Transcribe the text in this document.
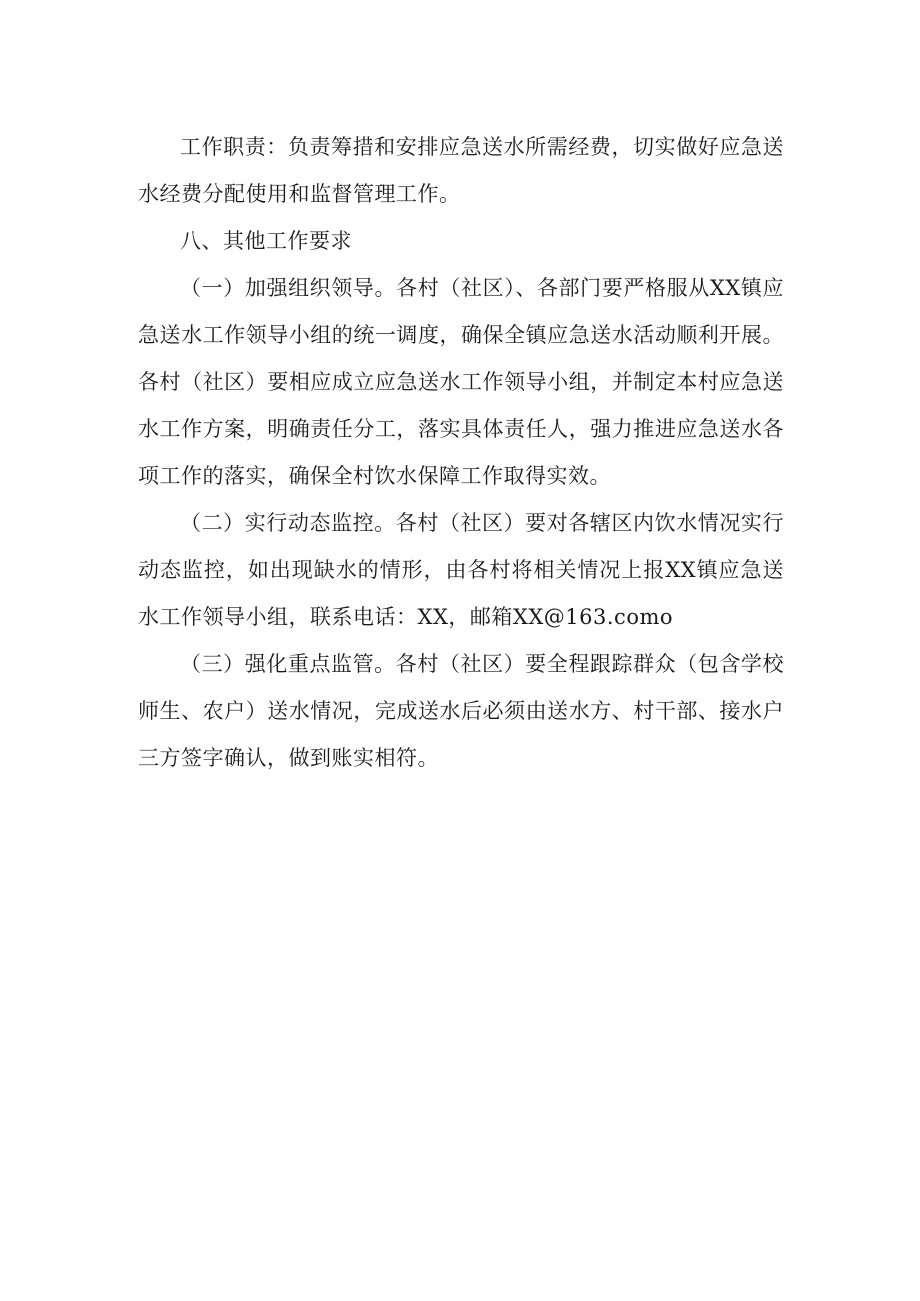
工作职责：负责筹措和安排应急送水所需经费，切实做好应急送水经费分配使用和监督管理工作。

八、其他工作要求

（一）加强组织领导。各村（社区）、各部门要严格服从XX镇应急送水工作领导小组的统一调度，确保全镇应急送水活动顺利开展。各村（社区）要相应成立应急送水工作领导小组，并制定本村应急送水工作方案，明确责任分工，落实具体责任人，强力推进应急送水各项工作的落实，确保全村饮水保障工作取得实效。

（二）实行动态监控。各村（社区）要对各辖区内饮水情况实行动态监控，如出现缺水的情形，由各村将相关情况上报XX镇应急送水工作领导小组，联系电话：XX，邮箱XX@163.como

（三）强化重点监管。各村（社区）要全程跟踪群众（包含学校师生、农户）送水情况，完成送水后必须由送水方、村干部、接水户三方签字确认，做到账实相符。
